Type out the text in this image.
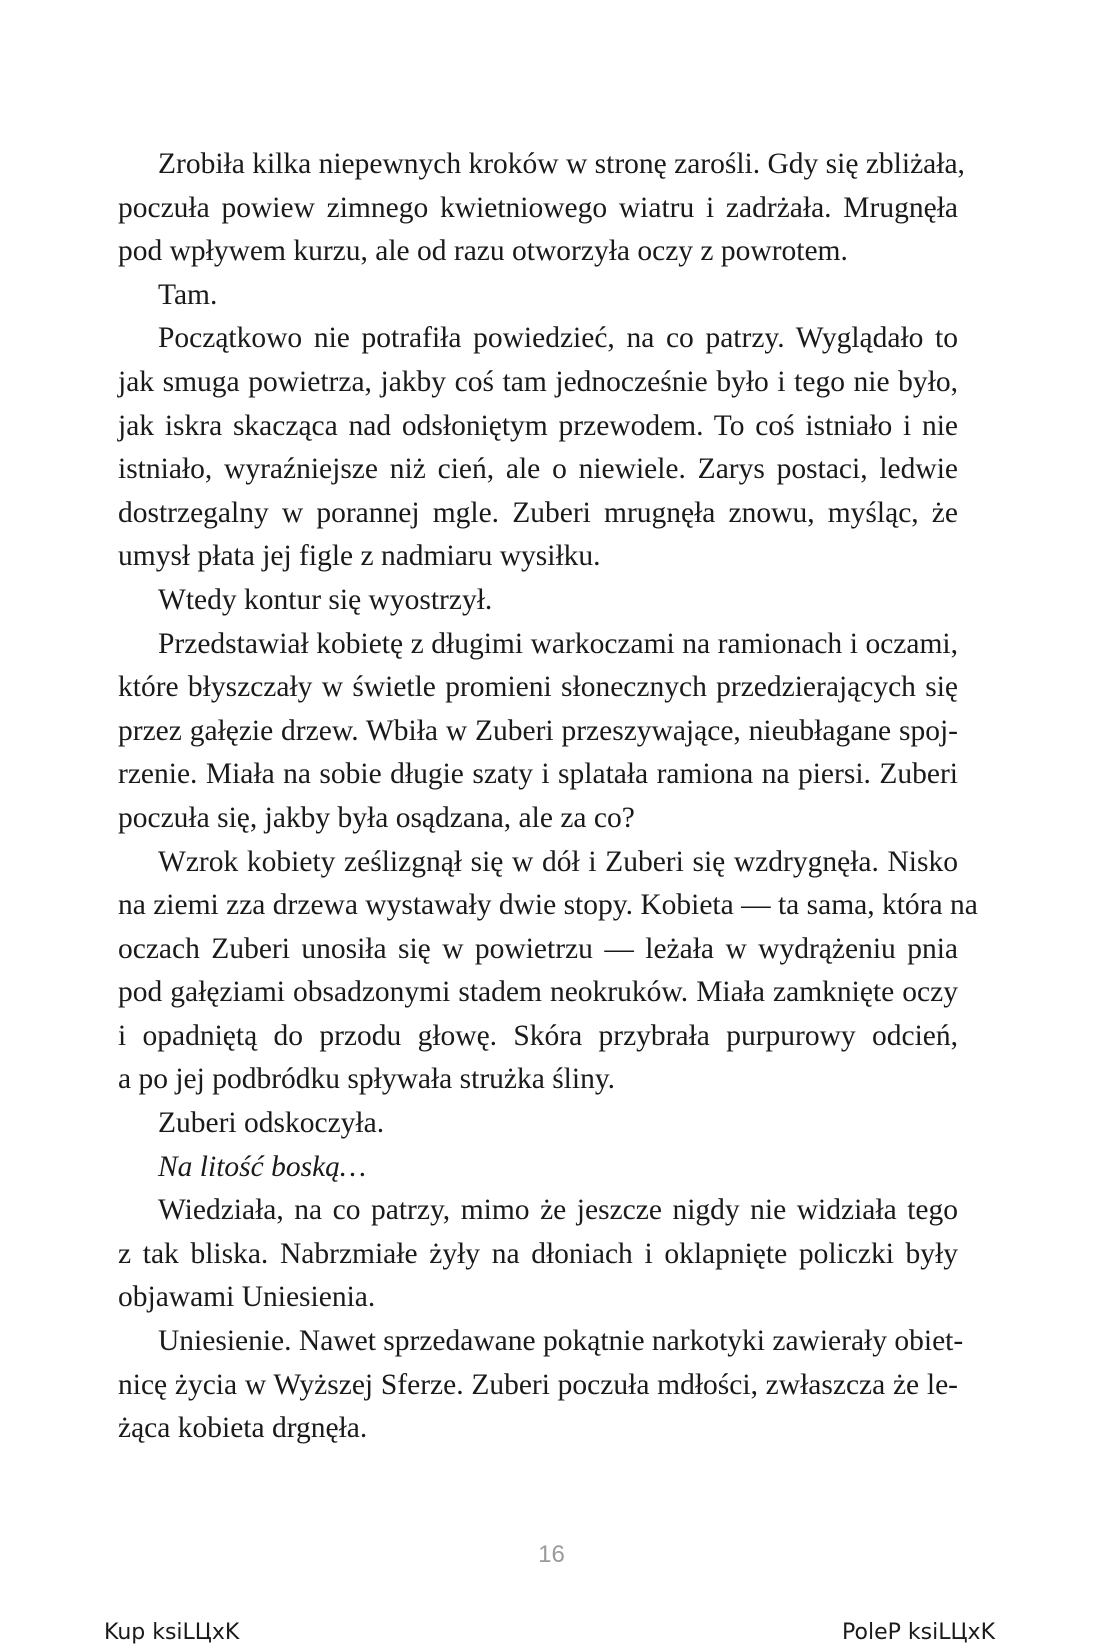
Zrobiła kilka niepewnych kroków w stronę zarośli. Gdy się zbliżała,
poczuła powiew zimnego kwietniowego wiatru i zadrżała. Mrugnęła
pod wpływem kurzu, ale od razu otworzyła oczy z powrotem.
Tam.
Początkowo nie potrafiła powiedzieć, na co patrzy. Wyglądało to
jak smuga powietrza, jakby coś tam jednocześnie było i tego nie było,
jak iskra skacząca nad odsłoniętym przewodem. To coś istniało i nie
istniało, wyraźniejsze niż cień, ale o niewiele. Zarys postaci, ledwie
dostrzegalny w porannej mgle. Zuberi mrugnęła znowu, myśląc, że
umysł płata jej figle z nadmiaru wysiłku.
Wtedy kontur się wyostrzył.
Przedstawiał kobietę z długimi warkoczami na ramionach i oczami,
które błyszczały w świetle promieni słonecznych przedzierających się
przez gałęzie drzew. Wbiła w Zuberi przeszywające, nieubłagane spoj-
rzenie. Miała na sobie długie szaty i splatała ramiona na piersi. Zuberi
poczuła się, jakby była osądzana, ale za co?
Wzrok kobiety ześlizgnął się w dół i Zuberi się wzdrygnęła. Nisko
na ziemi zza drzewa wystawały dwie stopy. Kobieta — ta sama, która na
oczach Zuberi unosiła się w powietrzu — leżała w wydrążeniu pnia
pod gałęziami obsadzonymi stadem neokruków. Miała zamknięte oczy
i opadniętą do przodu głowę. Skóra przybrała purpurowy odcień,
a po jej podbródku spływała strużka śliny.
Zuberi odskoczyła.
Na litość boską…
Wiedziała, na co patrzy, mimo że jeszcze nigdy nie widziała tego
z tak bliska. Nabrzmiałe żyły na dłoniach i oklapnięte policzki były
objawami Uniesienia.
Uniesienie. Nawet sprzedawane pokątnie narkotyki zawierały obiet-
nicę życia w Wyższej Sferze. Zuberi poczuła mdłości, zwłaszcza że le-
żąca kobieta drgnęła.
16
Kup ksiLЦxK	PoleP ksiLЦxK
